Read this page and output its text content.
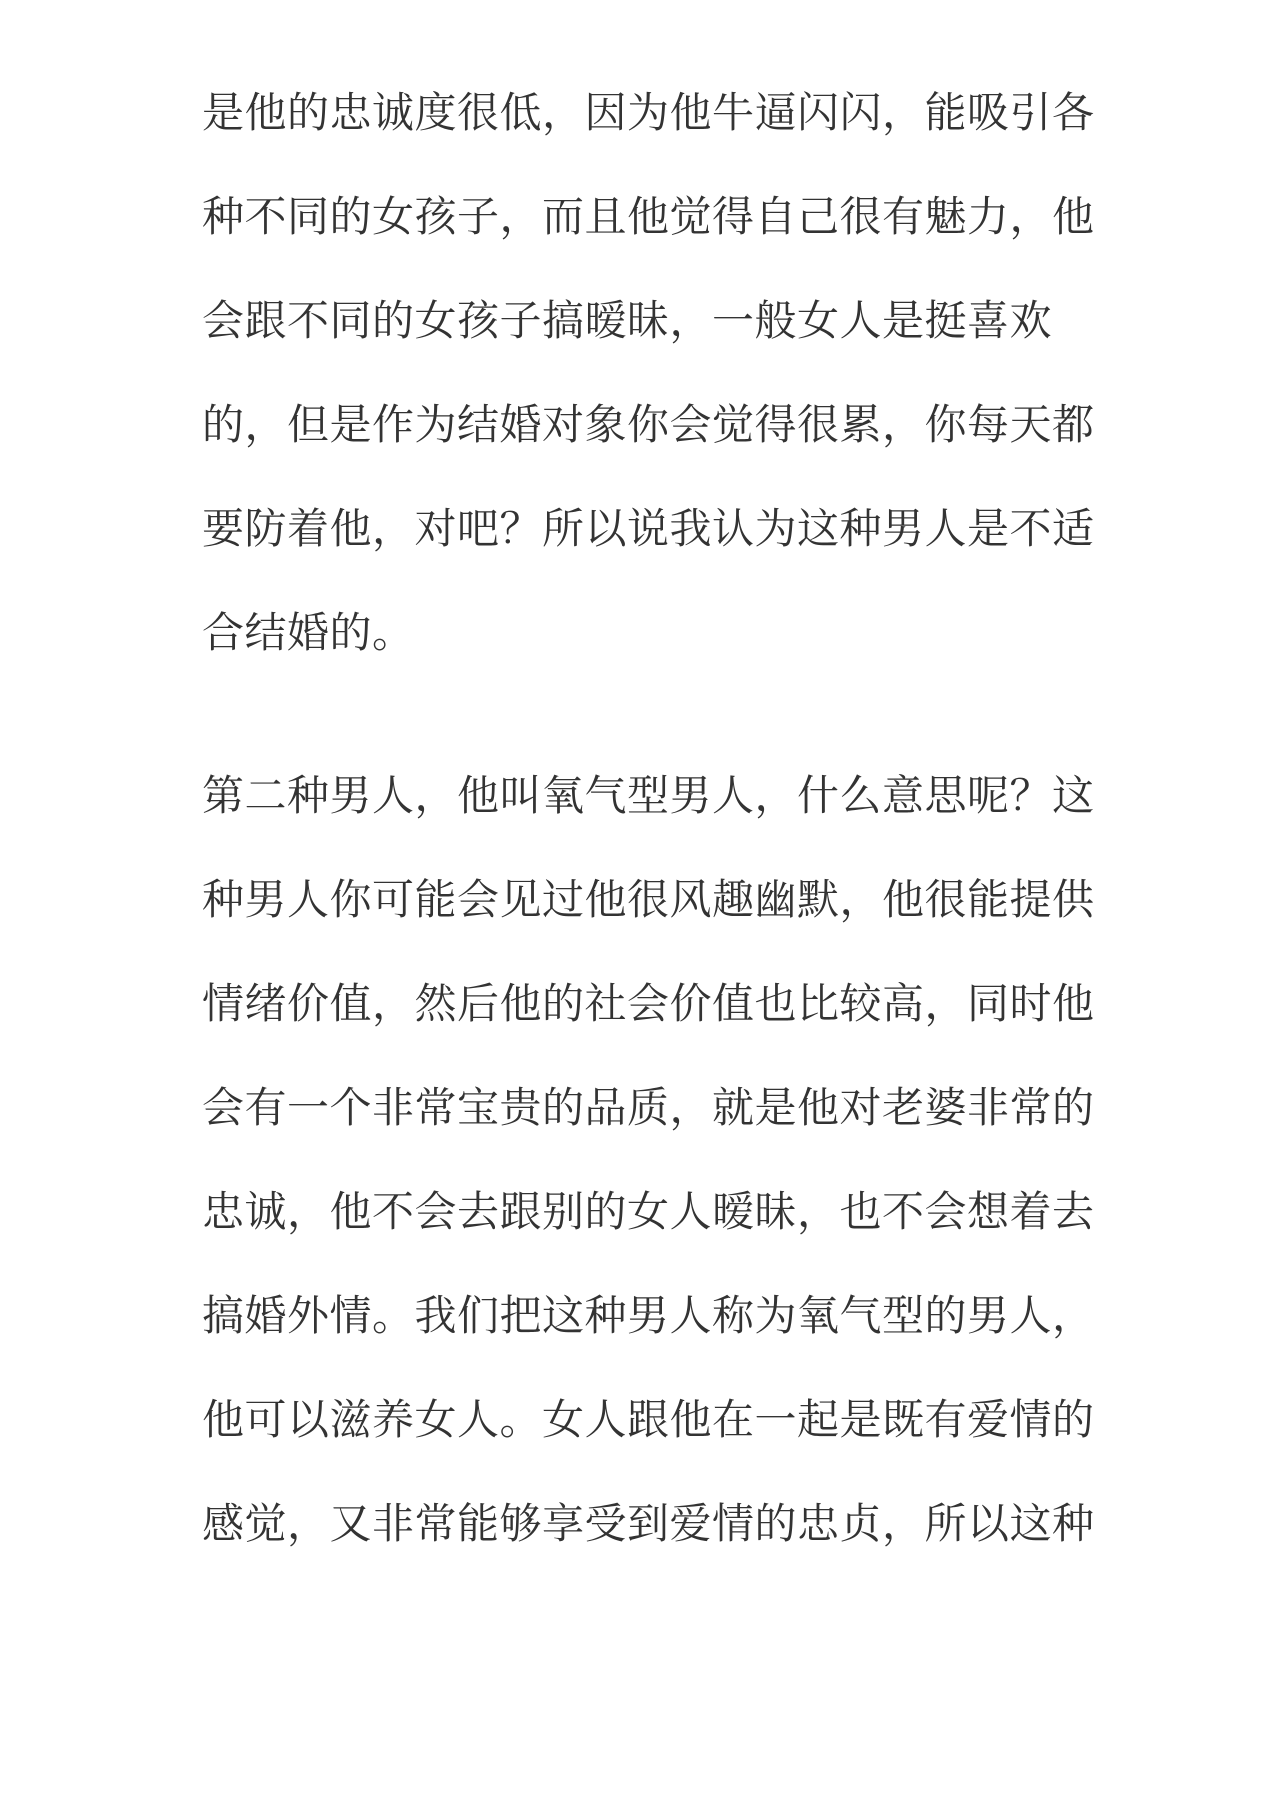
是他的忠诚度很低，因为他牛逼闪闪，能吸引各
种不同的女孩子，而且他觉得自己很有魅力，他
会跟不同的女孩子搞暧昧，一般女人是挺喜欢
的，但是作为结婚对象你会觉得很累，你每天都
要防着他，对吧？所以说我认为这种男人是不适
合结婚的。
第二种男人，他叫氧气型男人，什么意思呢？这
种男人你可能会见过他很风趣幽默，他很能提供
情绪价值，然后他的社会价值也比较高，同时他
会有一个非常宝贵的品质，就是他对老婆非常的
忠诚，他不会去跟别的女人暧昧，也不会想着去
搞婚外情。我们把这种男人称为氧气型的男人，
他可以滋养女人。女人跟他在一起是既有爱情的
感觉，又非常能够享受到爱情的忠贞，所以这种
